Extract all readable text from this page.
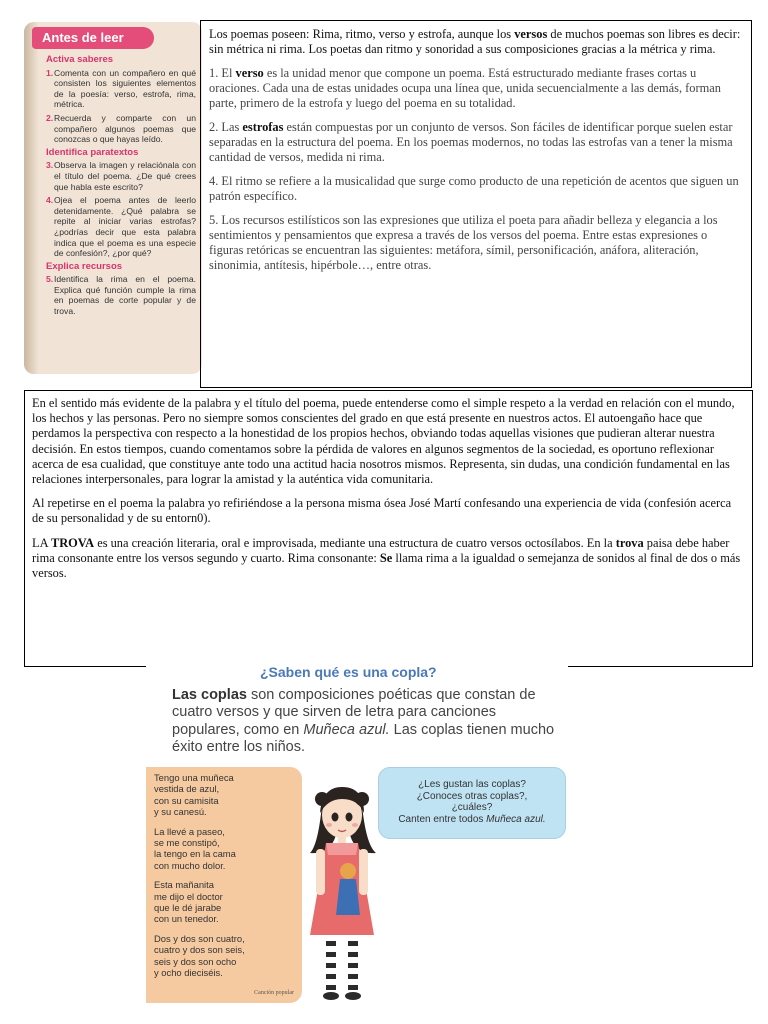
Antes de leer
Activa saberes
1. Comenta con un compañero en qué consisten los siguientes elementos de la poesía: verso, estrofa, rima, métrica.
2. Recuerda y comparte con un compañero algunos poemas que conozcas o que hayas leído.
Identifica paratextos
3. Observa la imagen y relaciónala con el título del poema. ¿De qué crees que habla este escrito?
4. Ojea el poema antes de leerlo detenidamente. ¿Qué palabra se repite al iniciar varias estrofas? ¿podrías decir que esta palabra indica que el poema es una especie de confesión?, ¿por qué?
Explica recursos
5. Identifica la rima en el poema. Explica qué función cumple la rima en poemas de corte popular y de trova.

Los poemas poseen: Rima, ritmo, verso y estrofa, aunque los versos de muchos poemas son libres es decir: sin métrica ni rima. Los poetas dan ritmo y sonoridad a sus composiciones gracias a la métrica y rima.

1. El verso es la unidad menor que compone un poema. Está estructurado mediante frases cortas u oraciones. Cada una de estas unidades ocupa una línea que, unida secuencialmente a las demás, forman parte, primero de la estrofa y luego del poema en su totalidad.

2. Las estrofas están compuestas por un conjunto de versos. Son fáciles de identificar porque suelen estar separadas en la estructura del poema. En los poemas modernos, no todas las estrofas van a tener la misma cantidad de versos, medida ni rima.

4. El ritmo se refiere a la musicalidad que surge como producto de una repetición de acentos que siguen un patrón específico.

5. Los recursos estilísticos son las expresiones que utiliza el poeta para añadir belleza y elegancia a los sentimientos y pensamientos que expresa a través de los versos del poema. Entre estas expresiones o figuras retóricas se encuentran las siguientes: metáfora, símil, personificación, anáfora, aliteración, sinonimia, antítesis, hipérbole…, entre otras.

En el sentido más evidente de la palabra y el título del poema, puede entenderse como el simple respeto a la verdad en relación con el mundo, los hechos y las personas. Pero no siempre somos conscientes del grado en que está presente en nuestros actos. El autoengaño hace que perdamos la perspectiva con respecto a la honestidad de los propios hechos, obviando todas aquellas visiones que pudieran alterar nuestra decisión. En estos tiempos, cuando comentamos sobre la pérdida de valores en algunos segmentos de la sociedad, es oportuno reflexionar acerca de esa cualidad, que constituye ante todo una actitud hacia nosotros mismos. Representa, sin dudas, una condición fundamental en las relaciones interpersonales, para lograr la amistad y la auténtica vida comunitaria.

Al repetirse en el poema la palabra yo refiriéndose a la persona misma ósea José Martí confesando una experiencia de vida (confesión acerca de su personalidad y de su entorn0).

LA TROVA es una creación literaria, oral e improvisada, mediante una estructura de cuatro versos octosílabos. En la trova paisa debe haber rima consonante entre los versos segundo y cuarto. Rima consonante: Se llama rima a la igualdad o semejanza de sonidos al final de dos o más versos.

¿Saben qué es una copla?
Las coplas son composiciones poéticas que constan de cuatro versos y que sirven de letra para canciones populares, como en Muñeca azul. Las coplas tienen mucho éxito entre los niños.

Tengo una muñeca
vestida de azul,
con su camisita
y su canesú.

La llevé a paseo,
se me constipó,
la tengo en la cama
con mucho dolor.

Esta mañanita
me dijo el doctor
que le dé jarabe
con un tenedor.

Dos y dos son cuatro,
cuatro y dos son seis,
seis y dos son ocho
y ocho dieciséis.

Canción popular
¿Les gustan las coplas?
¿Conoces otras coplas?,
¿cuáles?
Canten entre todos Muñeca azul.
